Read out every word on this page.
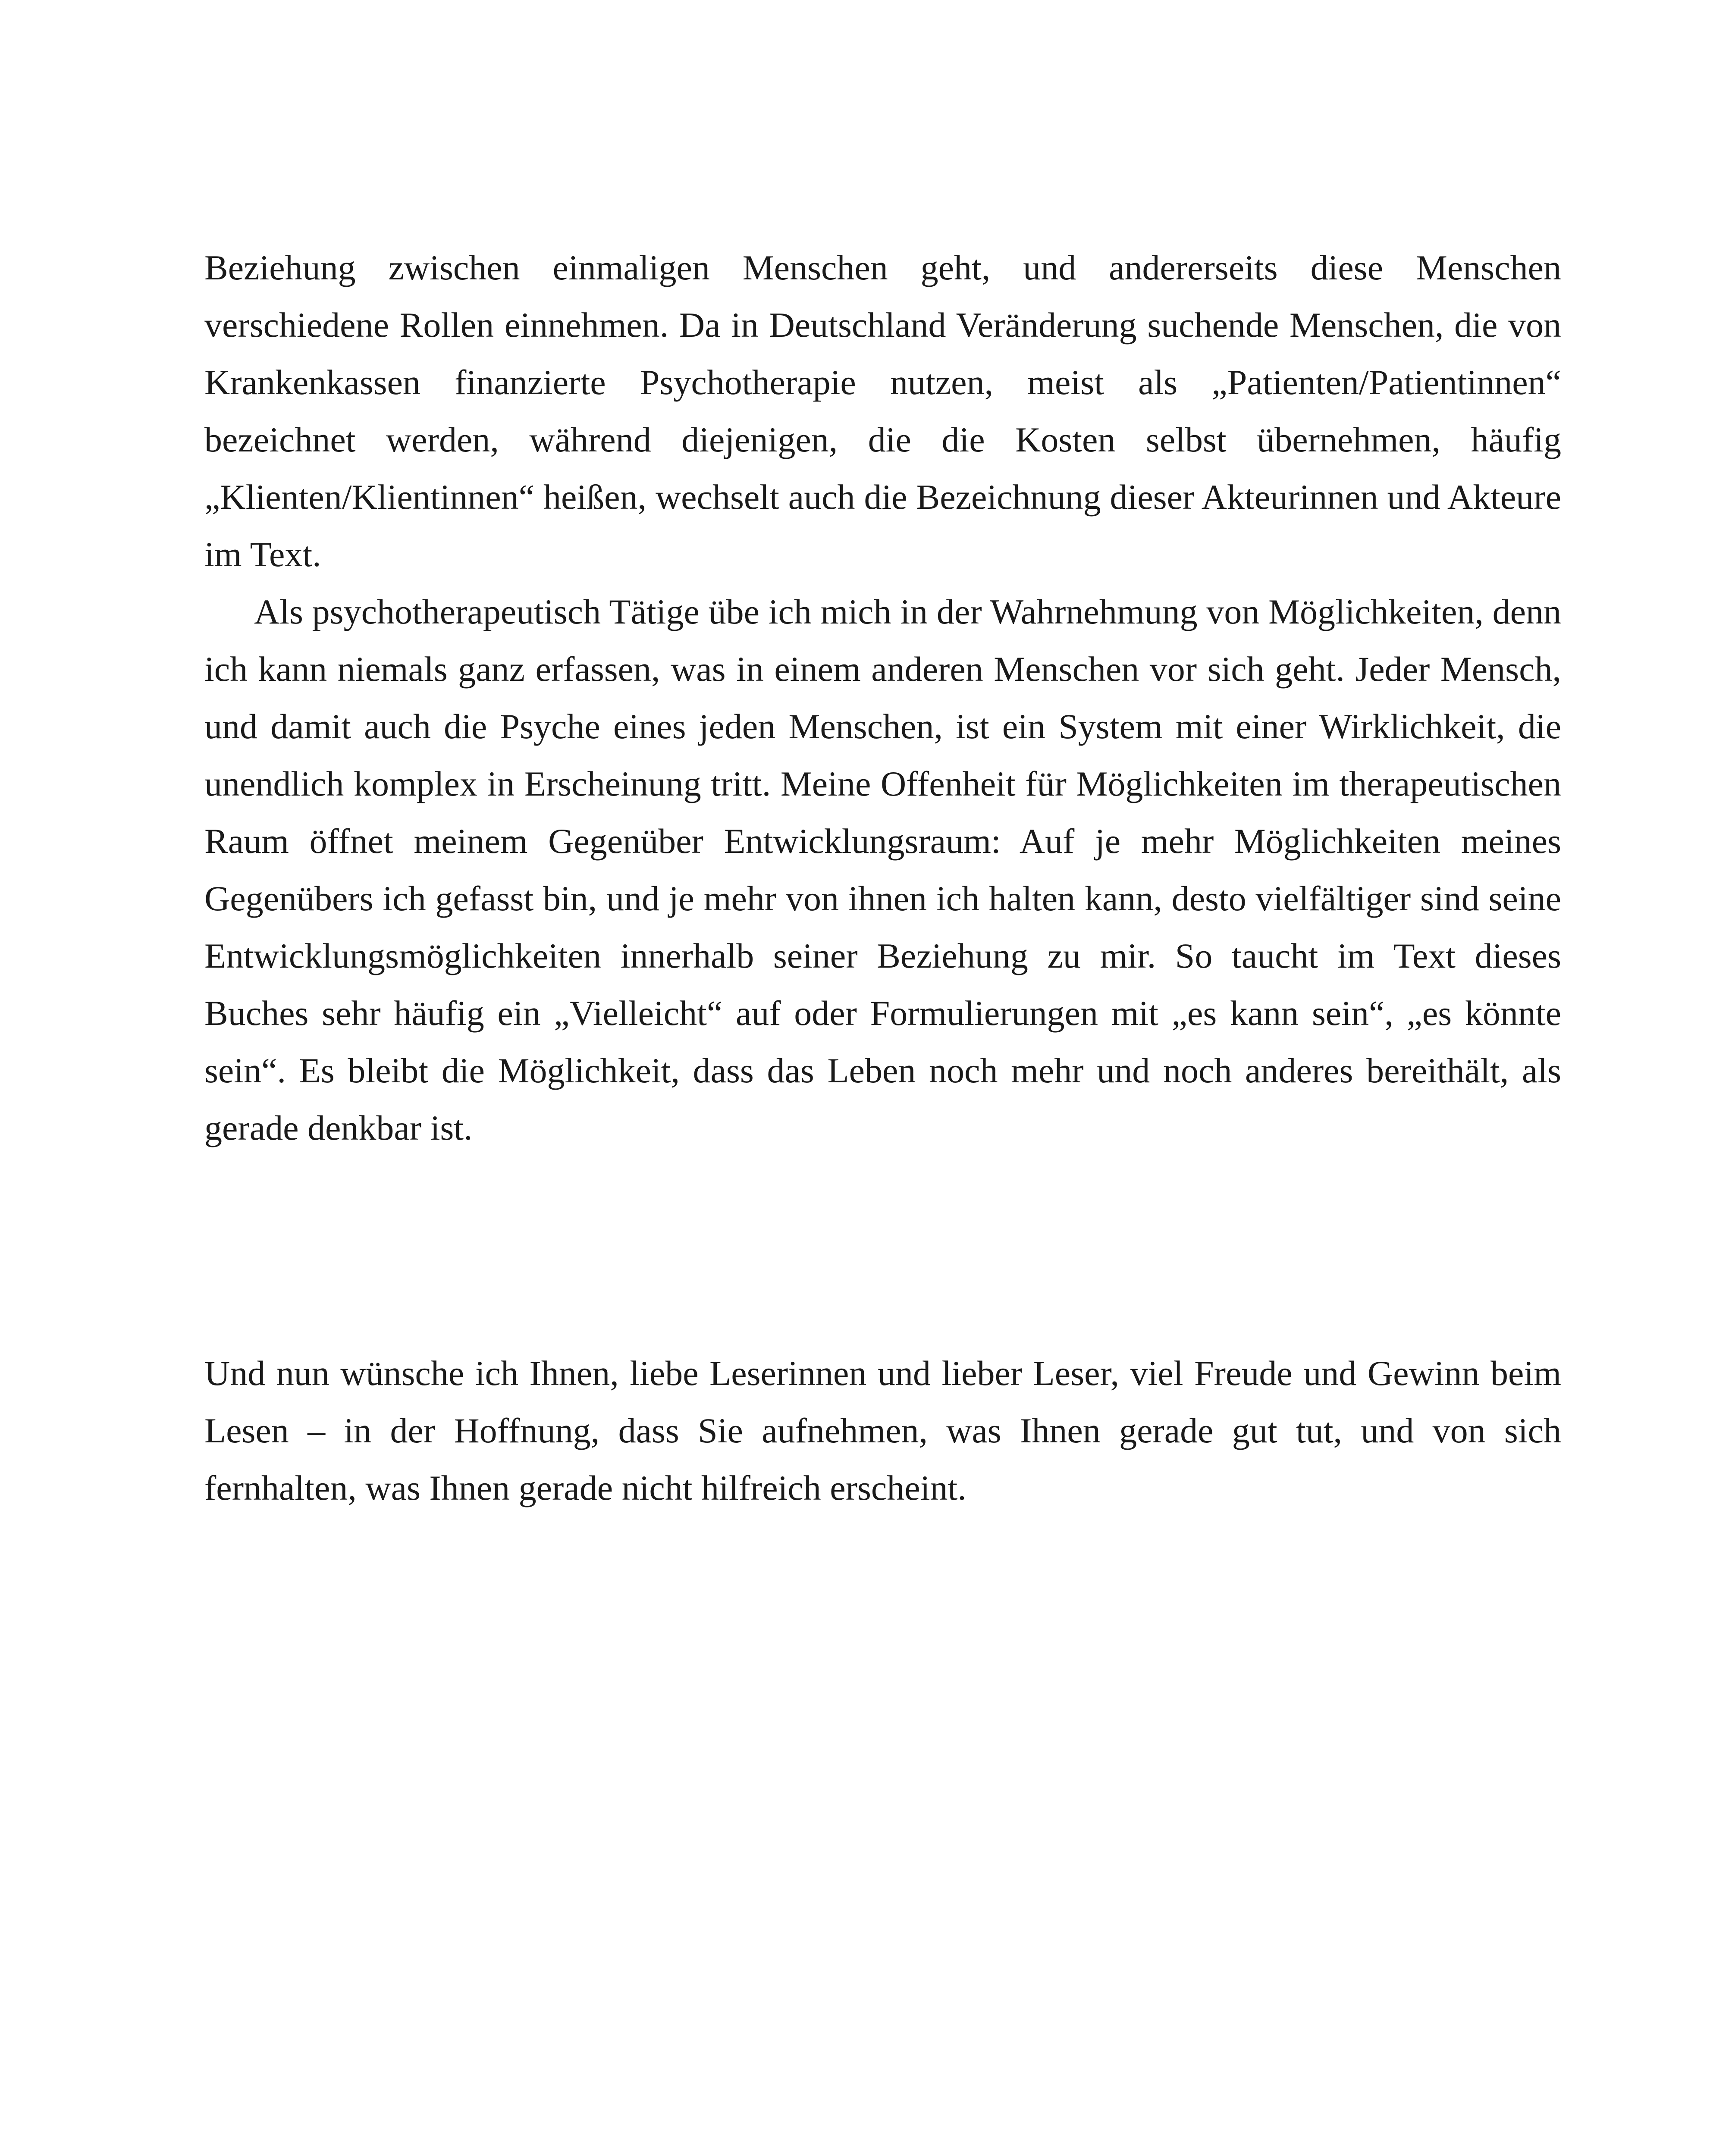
Beziehung zwischen einmaligen Menschen geht, und andererseits diese Menschen verschiedene Rollen einnehmen. Da in Deutschland Veränderung suchende Menschen, die von Krankenkassen finanzierte Psychotherapie nutzen, meist als „Patienten/Patientinnen“ bezeichnet werden, während diejenigen, die die Kosten selbst übernehmen, häufig „Klienten/Klientinnen“ heißen, wechselt auch die Bezeichnung dieser Akteurinnen und Akteure im Text.

Als psychotherapeutisch Tätige übe ich mich in der Wahrnehmung von Möglichkeiten, denn ich kann niemals ganz erfassen, was in einem anderen Menschen vor sich geht. Jeder Mensch, und damit auch die Psyche eines jeden Menschen, ist ein System mit einer Wirklichkeit, die unendlich komplex in Erscheinung tritt. Meine Offenheit für Möglichkeiten im therapeutischen Raum öffnet meinem Gegenüber Entwicklungsraum: Auf je mehr Möglichkeiten meines Gegenübers ich gefasst bin, und je mehr von ihnen ich halten kann, desto vielfältiger sind seine Entwicklungsmöglichkeiten innerhalb seiner Beziehung zu mir. So taucht im Text dieses Buches sehr häufig ein „Vielleicht“ auf oder Formulierungen mit „es kann sein“, „es könnte sein“. Es bleibt die Möglichkeit, dass das Leben noch mehr und noch anderes bereithält, als gerade denkbar ist.

Und nun wünsche ich Ihnen, liebe Leserinnen und lieber Leser, viel Freude und Gewinn beim Lesen – in der Hoffnung, dass Sie aufnehmen, was Ihnen gerade gut tut, und von sich fernhalten, was Ihnen gerade nicht hilfreich erscheint.
